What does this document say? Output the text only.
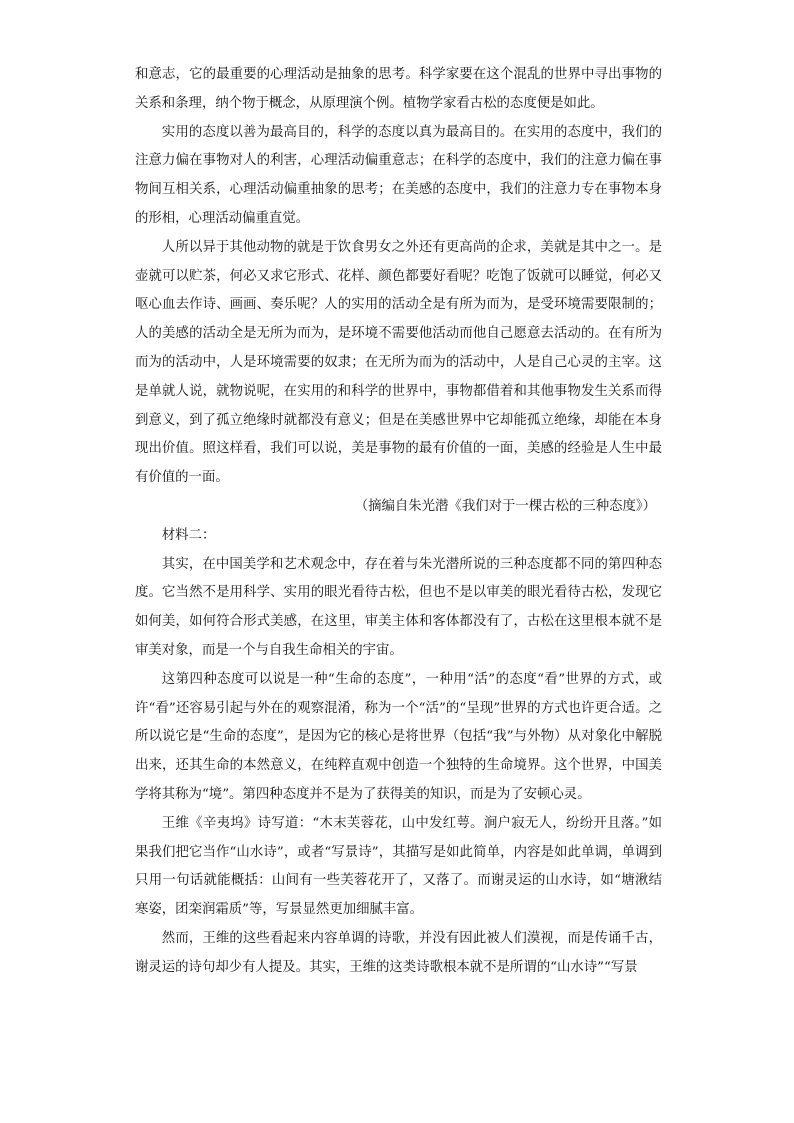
和意志，它的最重要的心理活动是抽象的思考。科学家要在这个混乱的世界中寻出事物的关系和条理，纳个物于概念，从原理演个例。植物学家看古松的态度便是如此。

实用的态度以善为最高目的，科学的态度以真为最高目的。在实用的态度中，我们的注意力偏在事物对人的利害，心理活动偏重意志；在科学的态度中，我们的注意力偏在事物间互相关系，心理活动偏重抽象的思考；在美感的态度中，我们的注意力专在事物本身的形相，心理活动偏重直觉。

人所以异于其他动物的就是于饮食男女之外还有更高尚的企求，美就是其中之一。是壶就可以贮茶，何必又求它形式、花样、颜色都要好看呢？吃饱了饭就可以睡觉，何必又呕心血去作诗、画画、奏乐呢？人的实用的活动全是有所为而为，是受环境需要限制的；人的美感的活动全是无所为而为，是环境不需要他活动而他自己愿意去活动的。在有所为而为的活动中，人是环境需要的奴隶；在无所为而为的活动中，人是自己心灵的主宰。这是单就人说，就物说呢，在实用的和科学的世界中，事物都借着和其他事物发生关系而得到意义，到了孤立绝缘时就都没有意义；但是在美感世界中它却能孤立绝缘，却能在本身现出价值。照这样看，我们可以说，美是事物的最有价值的一面，美感的经验是人生中最有价值的一面。

（摘编自朱光潜《我们对于一棵古松的三种态度》）

材料二：

其实，在中国美学和艺术观念中，存在着与朱光潜所说的三种态度都不同的第四种态度。它当然不是用科学、实用的眼光看待古松，但也不是以审美的眼光看待古松，发现它如何美，如何符合形式美感，在这里，审美主体和客体都没有了，古松在这里根本就不是审美对象，而是一个与自我生命相关的宇宙。

这第四种态度可以说是一种“生命的态度”，一种用“活”的态度“看”世界的方式，或许“看”还容易引起与外在的观察混淆，称为一个“活”的“呈现”世界的方式也许更合适。之所以说它是“生命的态度”，是因为它的核心是将世界（包括“我”与外物）从对象化中解脱出来，还其生命的本然意义，在纯粹直观中创造一个独特的生命境界。这个世界，中国美学将其称为“境”。第四种态度并不是为了获得美的知识，而是为了安顿心灵。

王维《辛夷坞》诗写道：“木末芙蓉花，山中发红萼。涧户寂无人，纷纷开且落。”如果我们把它当作“山水诗”，或者“写景诗”，其描写是如此简单，内容是如此单调，单调到只用一句话就能概括：山间有一些芙蓉花开了，又落了。而谢灵运的山水诗，如“塘湫结寒姿，团栾润霜质”等，写景显然更加细腻丰富。

然而，王维的这些看起来内容单调的诗歌，并没有因此被人们漠视，而是传诵千古，谢灵运的诗句却少有人提及。其实，王维的这类诗歌根本就不是所谓的“山水诗”“写景
